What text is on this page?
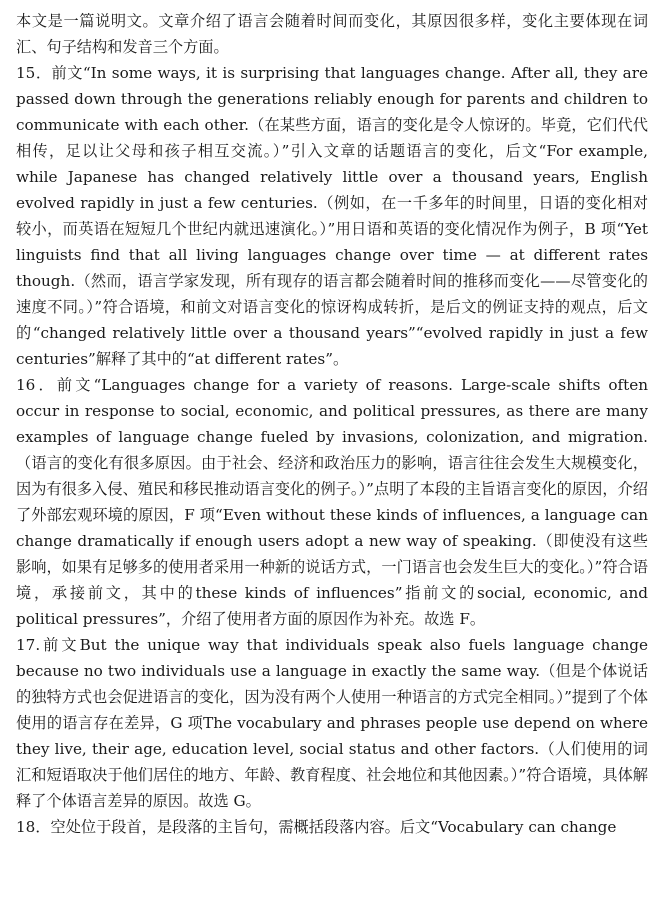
本文是一篇说明文。文章介绍了语言会随着时间而变化，其原因很多样，变化主要体现在词汇、句子结构和发音三个方面。

15．前文“In some ways, it is surprising that languages change. After all, they are passed down through the generations reliably enough for parents and children to communicate with each other.（在某些方面，语言的变化是令人惊讶的。毕竟，它们代代相传，足以让父母和孩子相互交流。）”引入文章的话题语言的变化，后文“For example, while Japanese has changed relatively little over a thousand years, English evolved rapidly in just a few centuries.（例如，在一千多年的时间里，日语的变化相对较小，而英语在短短几个世纪内就迅速演化。）”用日语和英语的变化情况作为例子，B 项“Yet linguists find that all living languages change over time — at different rates though.（然而，语言学家发现，所有现存的语言都会随着时间的推移而变化——尽管变化的速度不同。）”符合语境，和前文对语言变化的惊讶构成转折，是后文的例证支持的观点，后文的“changed relatively little over a thousand years”“evolved rapidly in just a few centuries”解释了其中的“at different rates”。

16．前文“Languages change for a variety of reasons. Large-scale shifts often occur in response to social, economic, and political pressures, as there are many examples of language change fueled by invasions, colonization, and migration.（语言的变化有很多原因。由于社会、经济和政治压力的影响，语言往往会发生大规模变化，因为有很多入侵、殖民和移民推动语言变化的例子。）”点明了本段的主旨语言变化的原因，介绍了外部宏观环境的原因，F 项“Even without these kinds of influences, a language can change dramatically if enough users adopt a new way of speaking.（即使没有这些影响，如果有足够多的使用者采用一种新的说话方式，一门语言也会发生巨大的变化。）”符合语境，承接前文，其中的these kinds of influences”指前文的social, economic, and political pressures”，介绍了使用者方面的原因作为补充。故选 F。

17.前文But the unique way that individuals speak also fuels language change because no two individuals use a language in exactly the same way.（但是个体说话的独特方式也会促进语言的变化，因为没有两个人使用一种语言的方式完全相同。）”提到了个体使用的语言存在差异，G 项The vocabulary and phrases people use depend on where they live, their age, education level, social status and other factors.（人们使用的词汇和短语取决于他们居住的地方、年龄、教育程度、社会地位和其他因素。）”符合语境，具体解释了个体语言差异的原因。故选 G。

18．空处位于段首，是段落的主旨句，需概括段落内容。后文“Vocabulary can change
